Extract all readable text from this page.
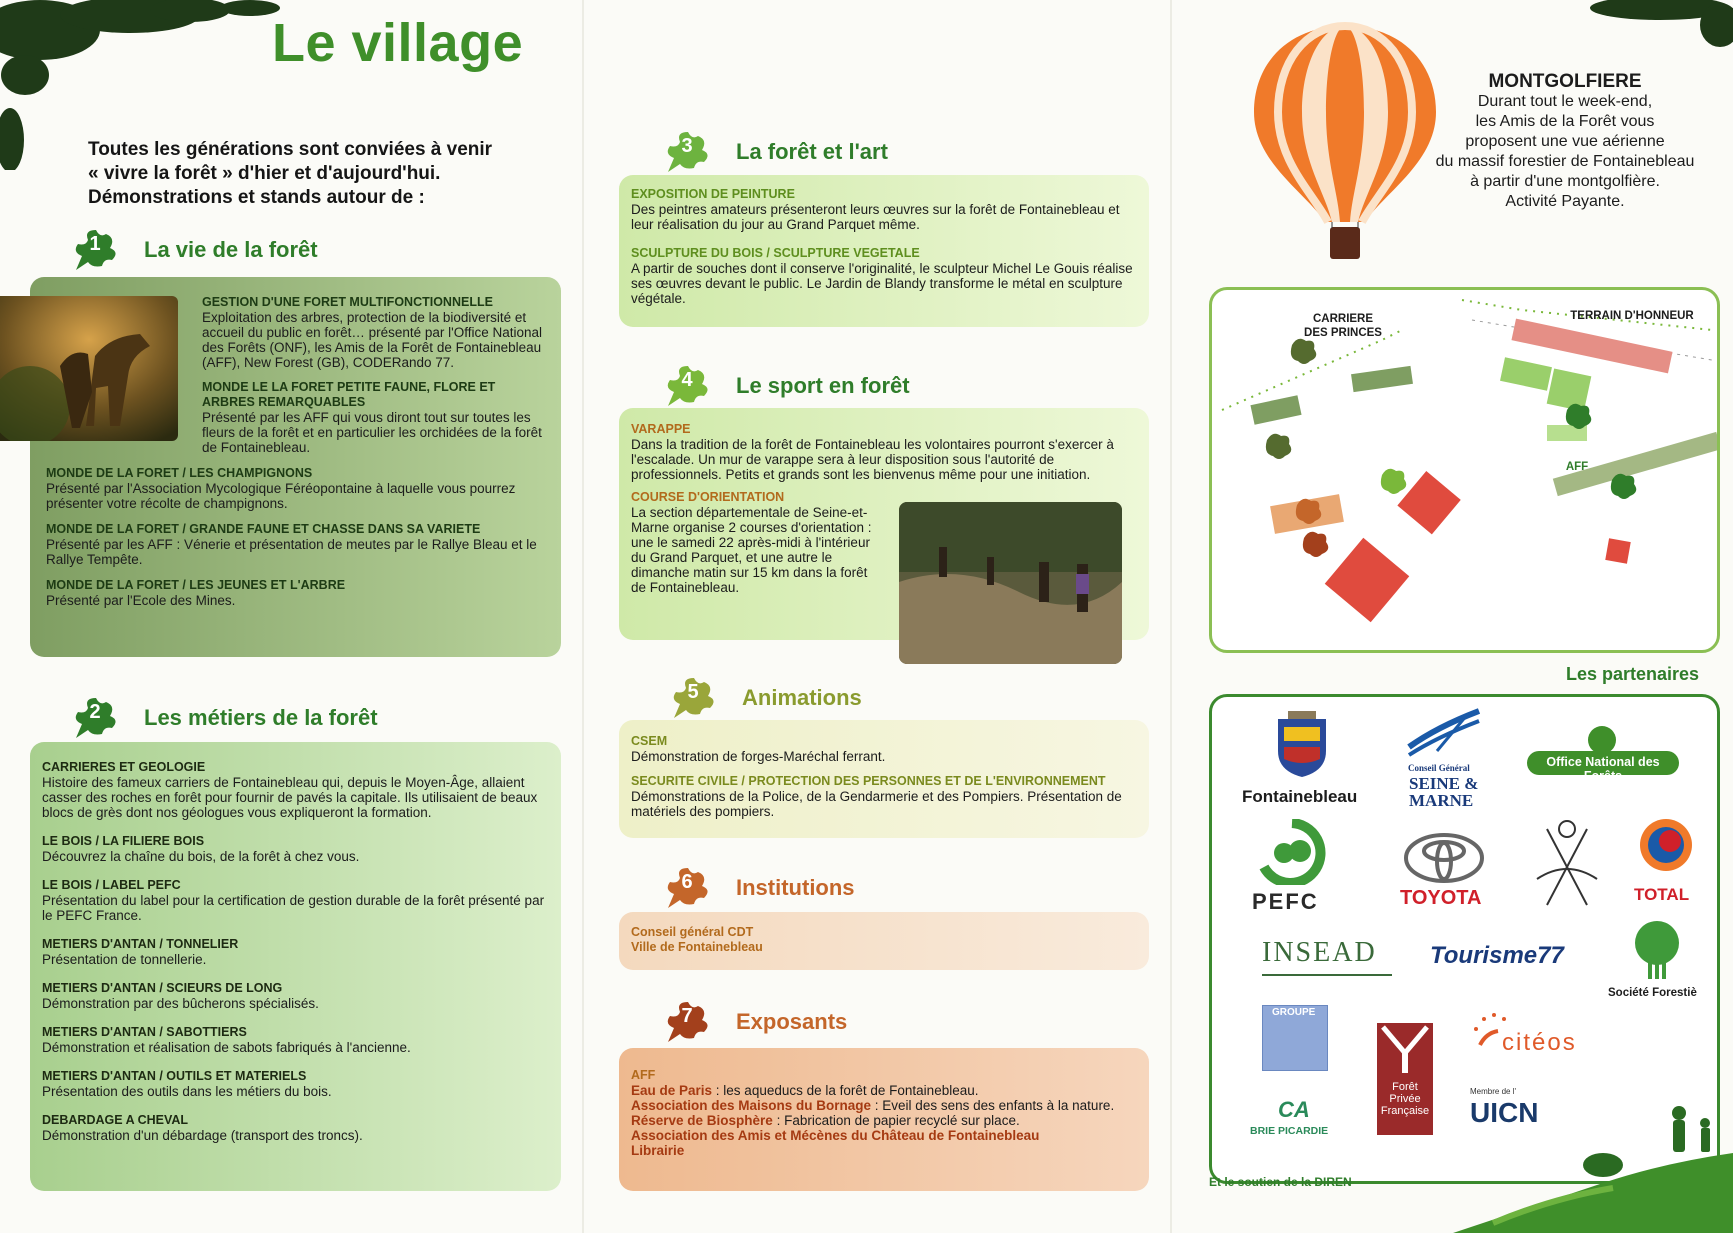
Le village
Toutes les générations sont conviées à venir
« vivre la forêt » d'hier et d'aujourd'hui.
Démonstrations et stands autour de :
1	La vie de la forêt
GESTION D'UNE FORET MULTIFONCTIONNELLE
Exploitation des arbres, protection de la biodiversité et accueil du public en forêt… présenté par l'Office National des Forêts (ONF), les Amis de la Forêt de Fontainebleau (AFF), New Forest (GB), CODERando 77.
MONDE LE LA FORET PETITE FAUNE, FLORE ET ARBRES REMARQUABLES
Présenté par les AFF qui vous diront tout sur toutes les fleurs de la forêt et en particulier les orchidées de la forêt de Fontainebleau.
MONDE DE LA FORET / LES CHAMPIGNONS
Présenté par l'Association Mycologique Féréopontaine à laquelle vous pourrez présenter votre récolte de champignons.
MONDE DE LA FORET / GRANDE FAUNE ET CHASSE DANS SA VARIETE
Présenté par les AFF : Vénerie et présentation de meutes par le Rallye Bleau et le Rallye Tempête.
MONDE DE LA FORET / LES JEUNES ET L'ARBRE
Présenté par l'Ecole des Mines.
2	Les métiers de la forêt
CARRIERES ET GEOLOGIE
Histoire des fameux carriers de Fontainebleau qui, depuis le Moyen-Âge, allaient casser des roches en forêt pour fournir de pavés la capitale. Ils utilisaient de beaux blocs de grès dont nos géologues vous expliqueront la formation.
LE BOIS / LA FILIERE BOIS
Découvrez la chaîne du bois, de la forêt à chez vous.
LE BOIS / LABEL PEFC
Présentation du label pour la certification de gestion durable de la forêt présenté par le PEFC France.
METIERS D'ANTAN / TONNELIER
Présentation de tonnellerie.
METIERS D'ANTAN / SCIEURS DE LONG
Démonstration par des bûcherons spécialisés.
METIERS D'ANTAN / SABOTTIERS
Démonstration et réalisation de sabots fabriqués à l'ancienne.
METIERS D'ANTAN / OUTILS ET MATERIELS
Présentation des outils dans les métiers du bois.
DEBARDAGE A CHEVAL
Démonstration d'un débardage (transport des troncs).
3	La forêt et l'art
EXPOSITION DE PEINTURE
Des peintres amateurs présenteront leurs œuvres sur la forêt de Fontainebleau et leur réalisation du jour au Grand Parquet même.
SCULPTURE DU BOIS / SCULPTURE VEGETALE
A partir de souches dont il conserve l'originalité, le sculpteur Michel Le Gouis réalise ses œuvres devant le public. Le Jardin de Blandy transforme le métal en sculpture végétale.
4	Le sport en forêt
VARAPPE
Dans la tradition de la forêt de Fontainebleau les volontaires pourront s'exercer à l'escalade. Un mur de varappe sera à leur disposition sous l'autorité de professionnels. Petits et grands sont les bienvenus même pour une initiation.
COURSE D'ORIENTATION
La section départementale de Seine-et-Marne organise 2 courses d'orientation : une le samedi 22 après-midi à l'intérieur du Grand Parquet, et une autre le dimanche matin sur 15 km dans la forêt de Fontainebleau.
5	Animations
CSEM
Démonstration de forges-Maréchal ferrant.
SECURITE CIVILE / PROTECTION DES PERSONNES ET DE L'ENVIRONNEMENT
Démonstrations de la Police, de la Gendarmerie et des Pompiers. Présentation de matériels des pompiers.
6	Institutions
Conseil général CDT
Ville de Fontainebleau
7	Exposants
AFF
Eau de Paris : les aqueducs de la forêt de Fontainebleau.
Association des Maisons du Bornage : Eveil des sens des enfants à la nature.
Réserve de Biosphère : Fabrication de papier recyclé sur place.
Association des Amis et Mécènes du Château de Fontainebleau
Librairie
MONTGOLFIERE
Durant tout le week-end,
les Amis de la Forêt vous
proposent une vue aérienne
du massif forestier de Fontainebleau
à partir d'une montgolfière.
Activité Payante.
CARRIERE
DES PRINCES
TERRAIN D'HONNEUR
AFF
Les partenaires
Fontainebleau
Conseil Général
SEINE &
MARNE
Office National des Forêts
PEFC	TOYOTA	TOTAL
INSEAD Tourisme77
Société Forestiè
GROUPE
Forêt
Privée
Française
citéos
Membre de l'
UICN
CA
BRIE PICARDIE
Et le soutien de la DIREN
